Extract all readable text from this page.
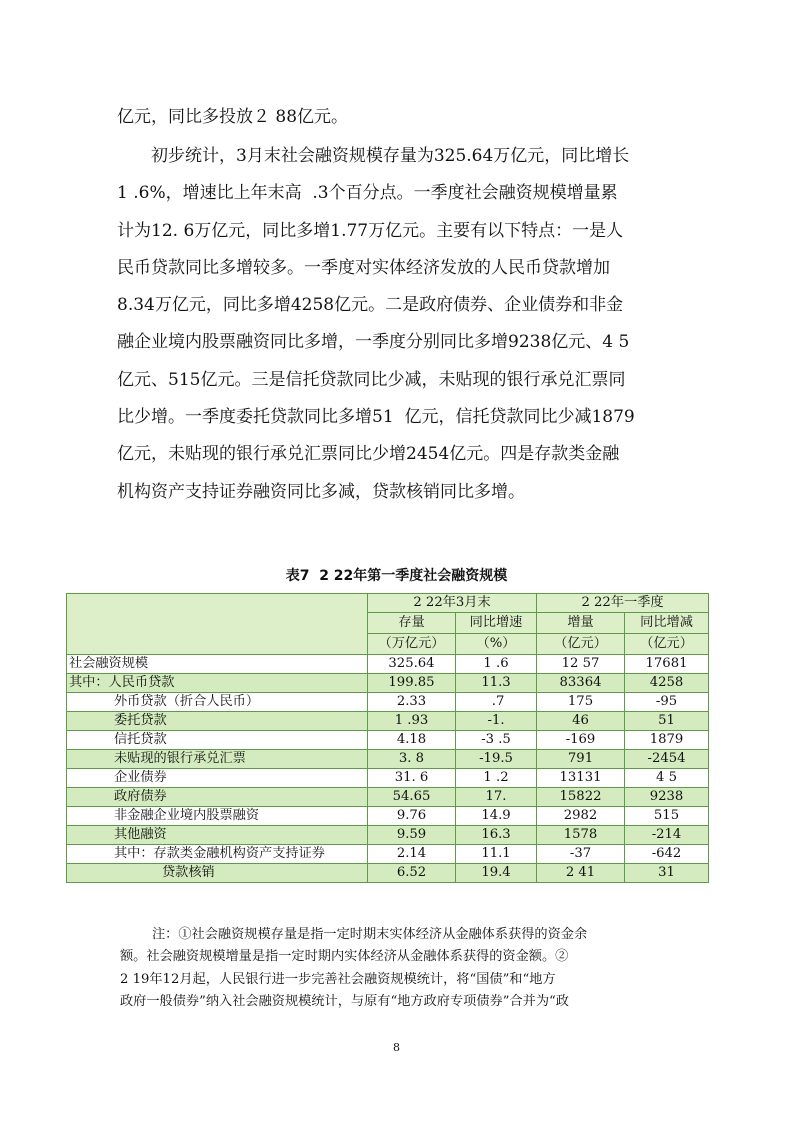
亿元，同比多投放２ 88亿元。
初步统计，3月末社会融资规模存量为325.64万亿元，同比增长
1 .6%，增速比上年末高  .3个百分点。一季度社会融资规模增量累
计为12. 6万亿元，同比多增1.77万亿元。主要有以下特点：一是人
民币贷款同比多增较多。一季度对实体经济发放的人民币贷款增加
8.34万亿元，同比多增4258亿元。二是政府债券、企业债券和非金
融企业境内股票融资同比多增，一季度分别同比多增9238亿元、4 5
亿元、515亿元。三是信托贷款同比少减，未贴现的银行承兑汇票同
比少增。一季度委托贷款同比多增51  亿元，信托贷款同比少减1879
亿元，未贴现的银行承兑汇票同比少增2454亿元。四是存款类金融
机构资产支持证券融资同比多减，贷款核销同比多增。
表7  2 22年第一季度社会融资规模
	2 22年3月末		2 22年一季度	
	存量	同比增速	增量	同比增减
	（万亿元）	（%）	（亿元）	（亿元）
社会融资规模	325.64	1 .6	12 57	17681
其中：人民币贷款	199.85	11.3	83364	4258
外币贷款（折合人民币）	2.33	.7	175	-95
委托贷款	1 .93	-1.	46	51
信托贷款	4.18	-3 .5	-169	1879
未贴现的银行承兑汇票	3. 8	-19.5	791	-2454
企业债券	31. 6	1 .2	13131	4 5
政府债券	54.65	17.	15822	9238
非金融企业境内股票融资	9.76	14.9	2982	515
其他融资	9.59	16.3	1578	-214
其中：存款类金融机构资产支持证券	2.14	11.1	-37	-642
贷款核销	6.52	19.4	2 41	31
注：①社会融资规模存量是指一定时期末实体经济从金融体系获得的资金余
额。社会融资规模增量是指一定时期内实体经济从金融体系获得的资金额。②
2 19年12月起，人民银行进一步完善社会融资规模统计，将“国债”和“地方
政府一般债券”纳入社会融资规模统计，与原有“地方政府专项债券”合并为“政
8
